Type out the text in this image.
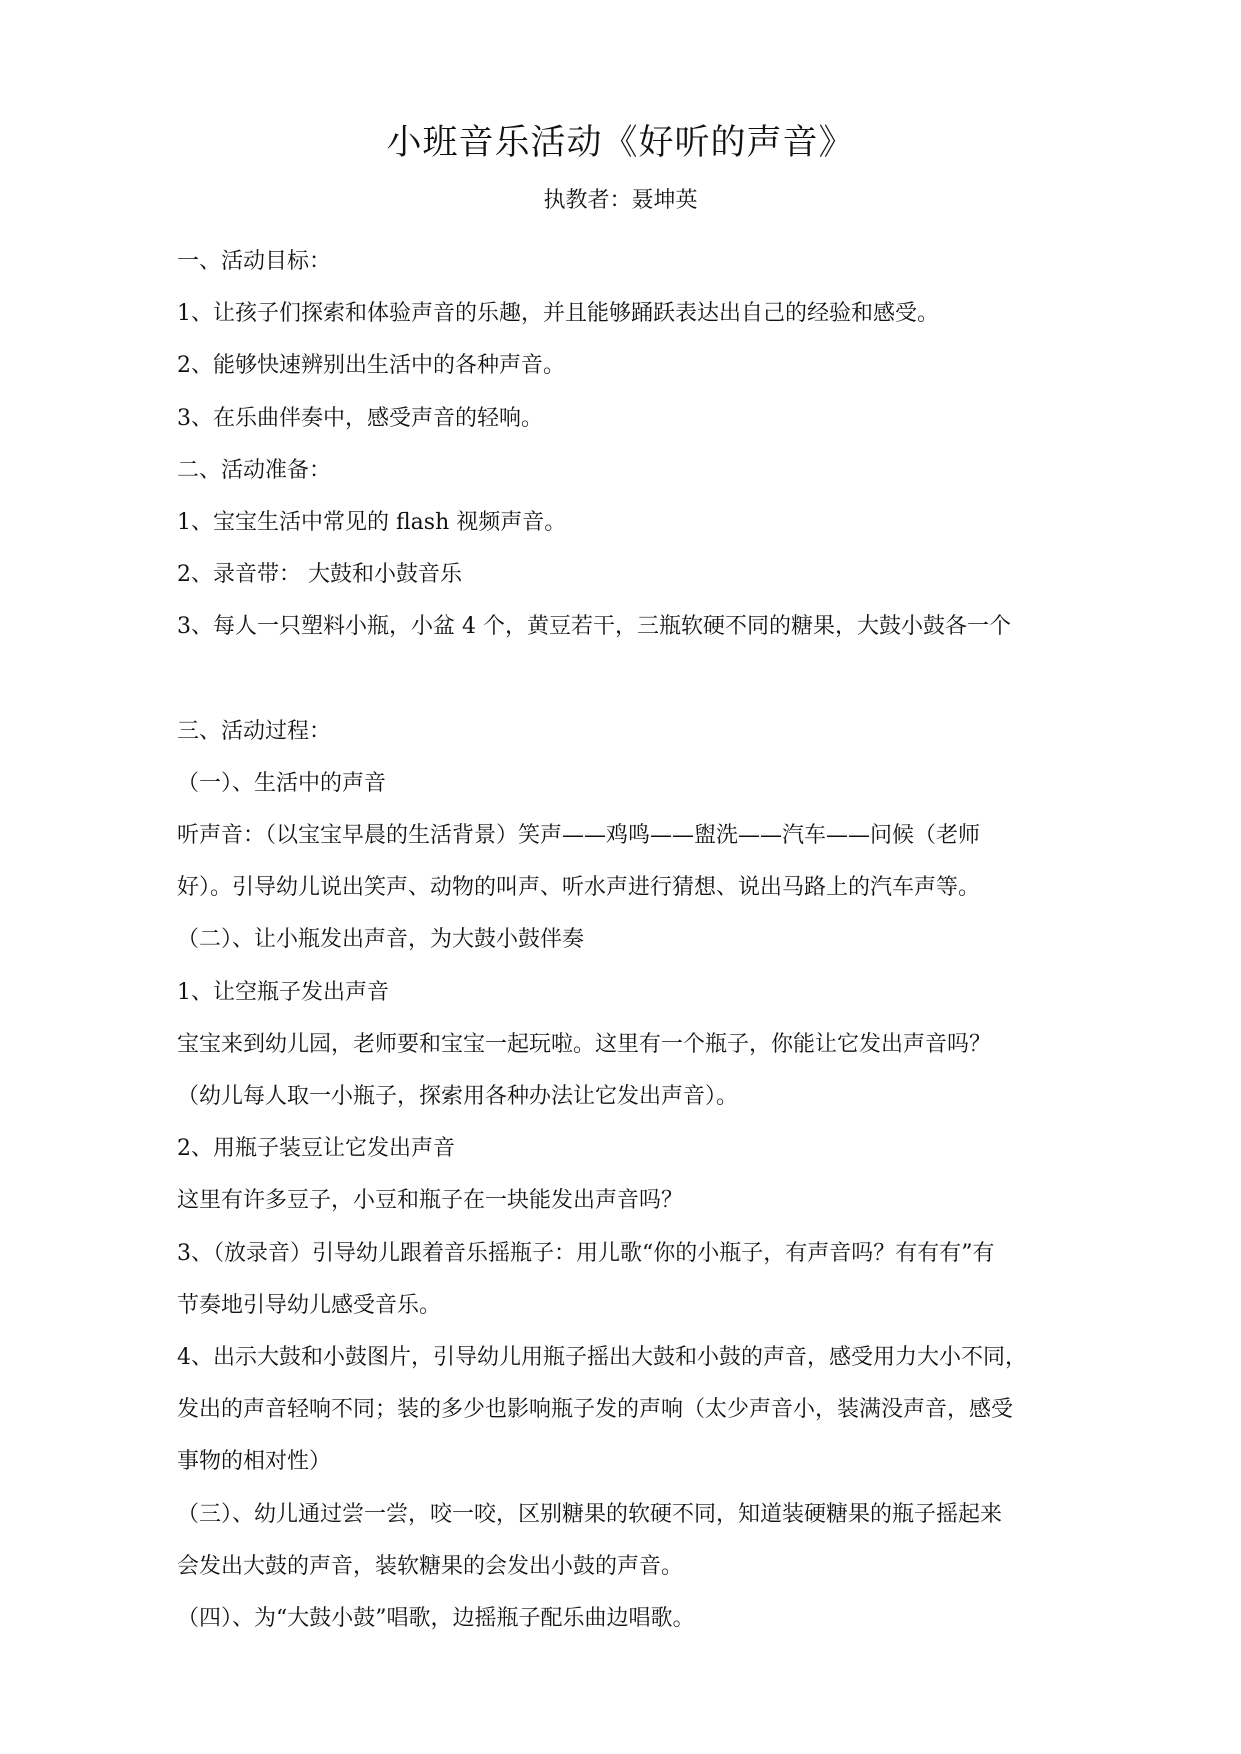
小班音乐活动《好听的声音》
执教者：聂坤英
一、活动目标：
1、让孩子们探索和体验声音的乐趣，并且能够踊跃表达出自己的经验和感受。
2、能够快速辨别出生活中的各种声音。
3、在乐曲伴奏中，感受声音的轻响。
二、活动准备：
1、宝宝生活中常见的 flash 视频声音。
2、录音带： 大鼓和小鼓音乐
3、每人一只塑料小瓶，小盆 4 个，黄豆若干，三瓶软硬不同的糖果，大鼓小鼓各一个
三、活动过程：
（一）、生活中的声音
听声音：（以宝宝早晨的生活背景）笑声——鸡鸣——盥洗——汽车——问候（老师
好）。引导幼儿说出笑声、动物的叫声、听水声进行猜想、说出马路上的汽车声等。
（二）、让小瓶发出声音，为大鼓小鼓伴奏
1、让空瓶子发出声音
宝宝来到幼儿园，老师要和宝宝一起玩啦。这里有一个瓶子，你能让它发出声音吗？
（幼儿每人取一小瓶子，探索用各种办法让它发出声音）。
2、用瓶子装豆让它发出声音
这里有许多豆子，小豆和瓶子在一块能发出声音吗？
3、（放录音）引导幼儿跟着音乐摇瓶子：用儿歌“你的小瓶子，有声音吗？有有有”有
节奏地引导幼儿感受音乐。
4、出示大鼓和小鼓图片，引导幼儿用瓶子摇出大鼓和小鼓的声音，感受用力大小不同，
发出的声音轻响不同；装的多少也影响瓶子发的声响（太少声音小，装满没声音，感受
事物的相对性）
（三）、幼儿通过尝一尝，咬一咬，区别糖果的软硬不同，知道装硬糖果的瓶子摇起来
会发出大鼓的声音，装软糖果的会发出小鼓的声音。
（四）、为“大鼓小鼓”唱歌，边摇瓶子配乐曲边唱歌。
